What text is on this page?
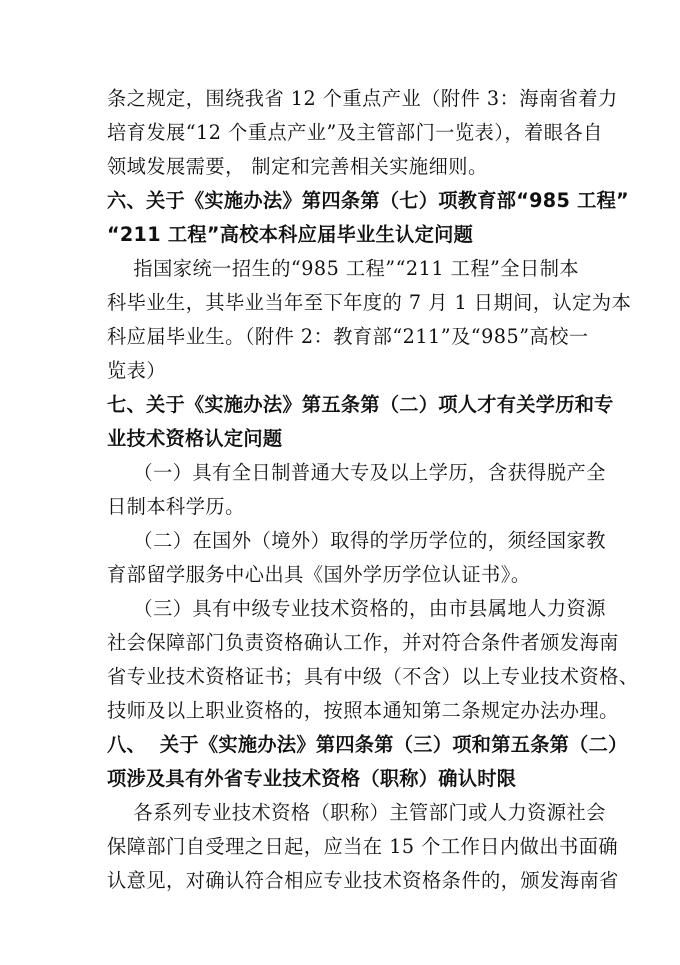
条之规定，围绕我省 12 个重点产业（附件 3：海南省着力
培育发展“12 个重点产业”及主管部门一览表），着眼各自
领域发展需要， 制定和完善相关实施细则。
六、关于《实施办法》第四条第（七）项教育部“985 工程”
“211 工程”高校本科应届毕业生认定问题
指国家统一招生的“985 工程”“211 工程”全日制本
科毕业生，其毕业当年至下年度的 7 月 1 日期间，认定为本
科应届毕业生。（附件 2：教育部“211”及“985”高校一
览表）
七、关于《实施办法》第五条第（二）项人才有关学历和专
业技术资格认定问题
（一）具有全日制普通大专及以上学历，含获得脱产全
日制本科学历。
（二）在国外（境外）取得的学历学位的，须经国家教
育部留学服务中心出具《国外学历学位认证书》。
（三）具有中级专业技术资格的，由市县属地人力资源
社会保障部门负责资格确认工作，并对符合条件者颁发海南
省专业技术资格证书；具有中级（不含）以上专业技术资格、
技师及以上职业资格的，按照本通知第二条规定办法办理。
八、  关于《实施办法》第四条第（三）项和第五条第（二）
项涉及具有外省专业技术资格（职称）确认时限
各系列专业技术资格（职称）主管部门或人力资源社会
保障部门自受理之日起，应当在 15 个工作日内做出书面确
认意见，对确认符合相应专业技术资格条件的，颁发海南省
